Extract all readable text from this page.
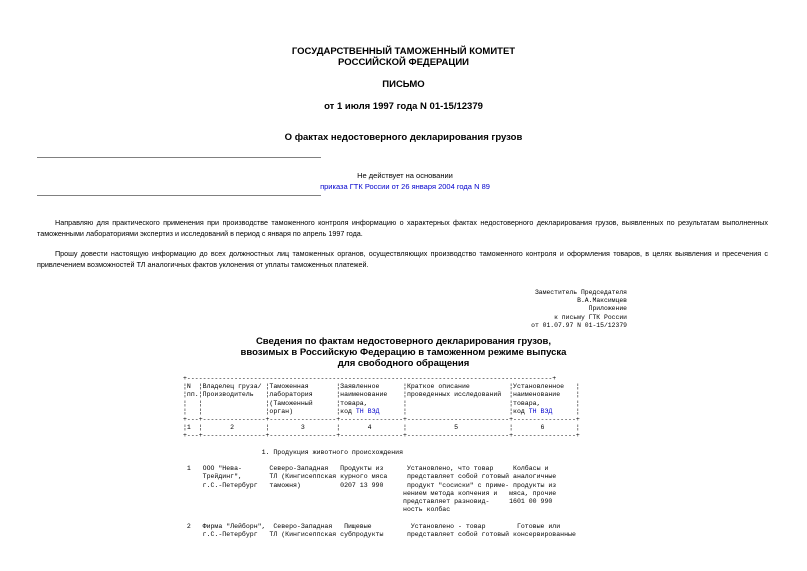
ГОСУДАРСТВЕННЫЙ ТАМОЖЕННЫЙ КОМИТЕТ
РОССИЙСКОЙ ФЕДЕРАЦИИ
ПИСЬМО
от 1 июля 1997 года N 01-15/12379
О фактах недостоверного декларирования грузов
Не действует на основании
приказа ГТК России от 26 января 2004 года N 89
Направляю для практического применения при производстве таможенного контроля информацию о характерных фактах недостоверного декларирования грузов, выявленных по результатам выполненных таможенными лабораториями экспертиз и исследований в период с января по апрель 1997 года.
Прошу довести настоящую информацию до всех должностных лиц таможенных органов, осуществляющих производство таможенного контроля и оформления товаров, в целях выявления и пресечения с привлечением возможностей ТЛ аналогичных фактов уклонения от уплаты таможенных платежей.
Заместитель Председателя
В.А.Максимцев
Приложение
к письму ГТК России
от 01.07.97 N 01-15/12379
Сведения по фактам недостоверного декларирования грузов,
ввозимых в Российскую Федерацию в таможенном режиме выпуска
для свободного обращения
+---------------------------------------------------------------------------------------------+
¦N  ¦Владелец груза/ ¦Таможенная       ¦Заявленное      ¦Краткое описание          ¦Установленное   ¦
¦пп.¦Производитель   ¦лаборатория      ¦наименование    ¦проведенных исследований  ¦наименование    ¦
¦   ¦                ¦(Таможенный      ¦товара,         ¦                          ¦товара,         ¦
¦   ¦                ¦орган)           ¦код ТН ВЭД      ¦                          ¦код ТН ВЭД      ¦
+---+----------------+-----------------+----------------+--------------------------+----------------+
¦1  ¦       2        ¦        3        ¦       4        ¦            5             ¦       6        ¦
+---+----------------+-----------------+----------------+--------------------------+----------------+

1. Продукция животного происхождения

1   ООО "Нева-       Северо-Западная   Продукты из      Установлено, что товар     Колбасы и
Трейдинг",       ТЛ (Кингисеппская курного мяса     представляет собой готовый аналогичные
г.С.-Петербург   таможня)          0207 13 990      продукт "сосиски" с приме- продукты из
нением метода копчения и   мяса, прочие
представляет разновид-     1601 00 990
ность колбас

2   Фирма "Лейборн",  Северо-Западная   Пищевые          Установлено - товар        Готовые или
г.С.-Петербург   ТЛ (Кингисеппская субпродукты      представляет собой готовый консервированные
